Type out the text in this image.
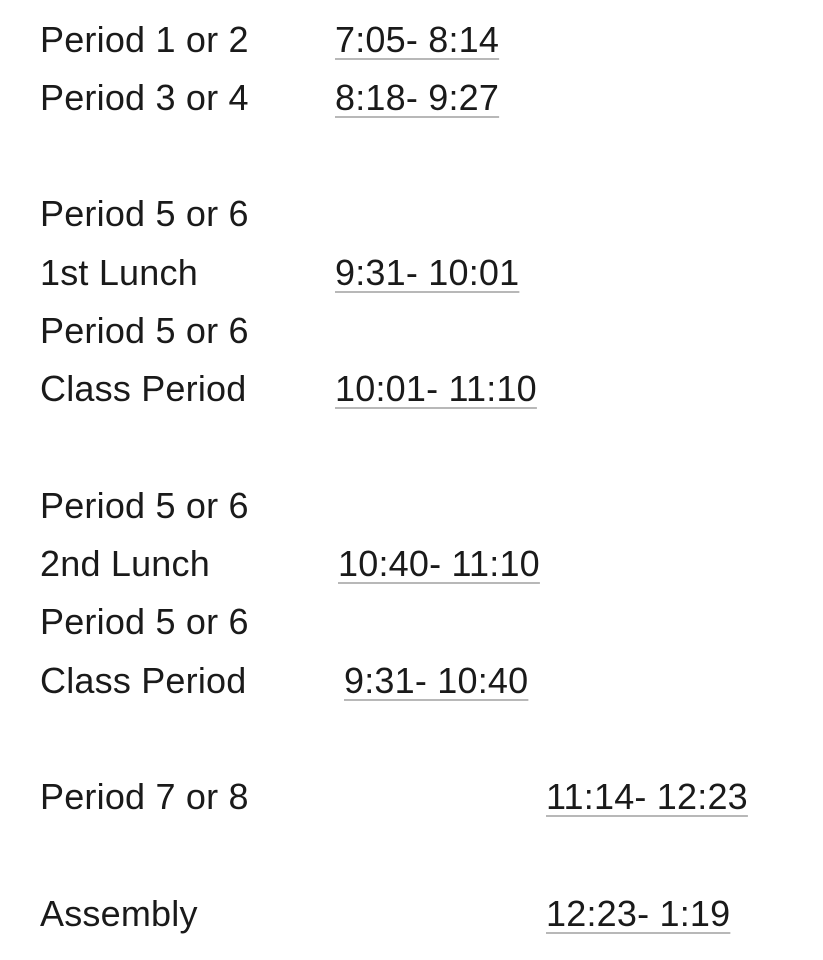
Period 1 or 2 7:05- 8:14
Period 3 or 4 8:18- 9:27
Period 5 or 6
1st Lunch	9:31- 10:01
Period 5 or 6
Class Period 10:01- 11:10
Period 5 or 6
2nd Lunch	10:40- 11:10
Period 5 or 6
Class Period	9:31- 10:40
Period 7 or 8	11:14- 12:23
Assembly	12:23- 1:19
